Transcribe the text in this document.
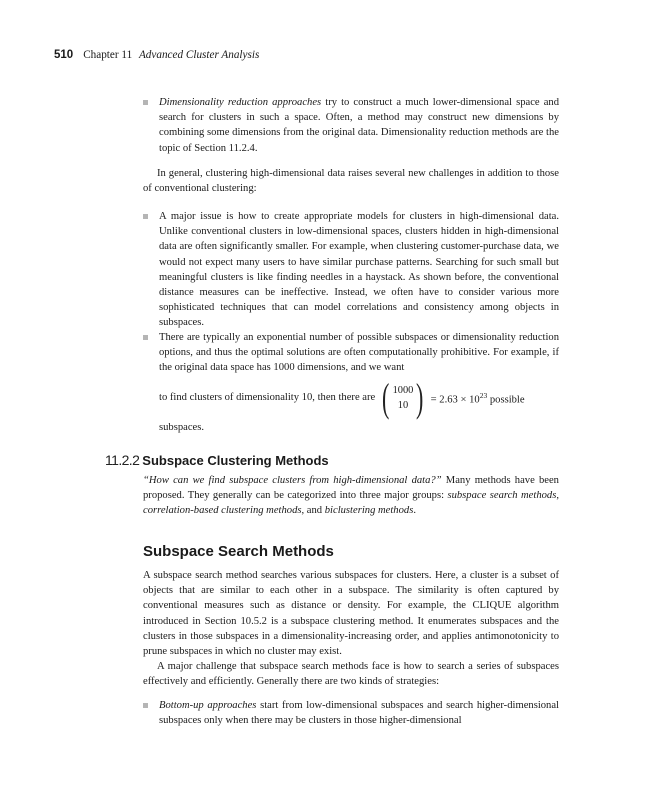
510 Chapter 11 Advanced Cluster Analysis
Dimensionality reduction approaches try to construct a much lower-dimensional space and search for clusters in such a space. Often, a method may construct new dimensions by combining some dimensions from the original data. Dimensionality reduction methods are the topic of Section 11.2.4.

In general, clustering high-dimensional data raises several new challenges in addition to those of conventional clustering:

A major issue is how to create appropriate models for clusters in high-dimensional data. Unlike conventional clusters in low-dimensional spaces, clusters hidden in high-dimensional data are often significantly smaller. For example, when clustering customer-purchase data, we would not expect many users to have similar purchase patterns. Searching for such small but meaningful clusters is like finding needles in a haystack. As shown before, the conventional distance measures can be ineffective. Instead, we often have to consider various more sophisticated techniques that can model correlations and consistency among objects in subspaces.

There are typically an exponential number of possible subspaces or dimensionality reduction options, and thus the optimal solutions are often computationally prohibitive. For example, if the original data space has 1000 dimensions, and we want

to find clusters of dimensionality 10, then there are ( 1000
10 ) = $2.63 \times 10^{23}$ possible

subspaces.

11.2.2 Subspace Clustering Methods

“How can we find subspace clusters from high-dimensional data?” Many methods have been proposed. They generally can be categorized into three major groups: subspace search methods, correlation-based clustering methods, and biclustering methods.

Subspace Search Methods

A subspace search method searches various subspaces for clusters. Here, a cluster is a subset of objects that are similar to each other in a subspace. The similarity is often captured by conventional measures such as distance or density. For example, the CLIQUE algorithm introduced in Section 10.5.2 is a subspace clustering method. It enumerates subspaces and the clusters in those subspaces in a dimensionality-increasing order, and applies antimonotonicity to prune subspaces in which no cluster may exist.

A major challenge that subspace search methods face is how to search a series of subspaces effectively and efficiently. Generally there are two kinds of strategies:

Bottom-up approaches start from low-dimensional subspaces and search higher-dimensional subspaces only when there may be clusters in those higher-dimensional
